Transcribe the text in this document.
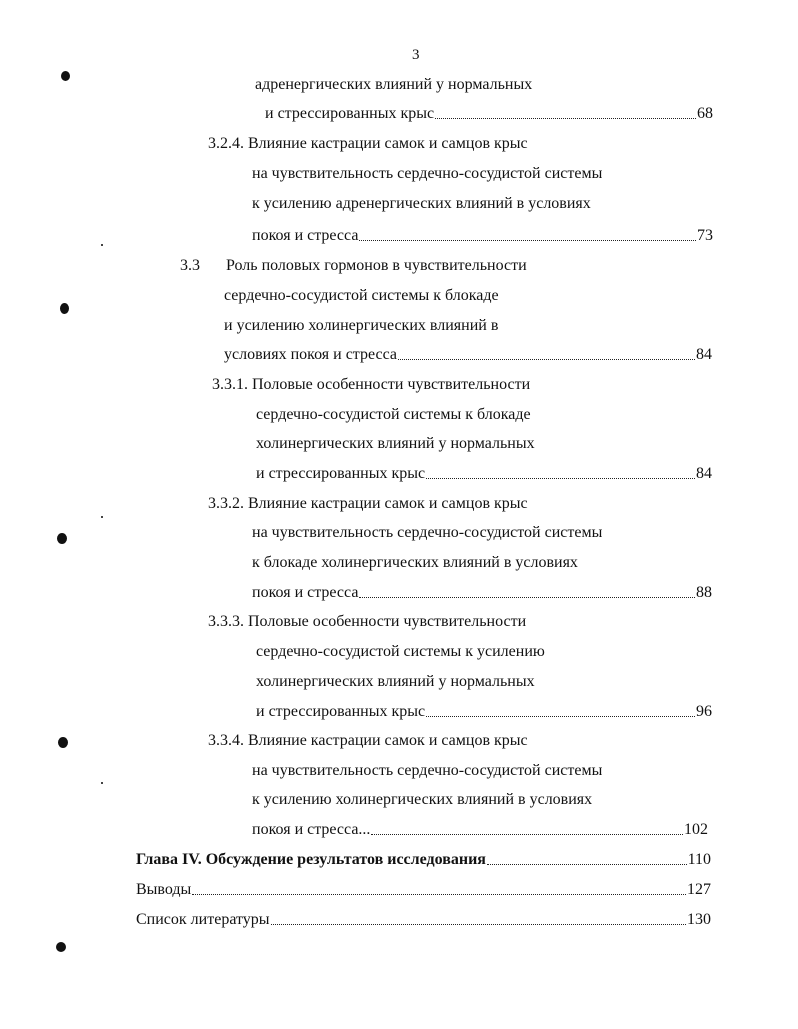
3
адренергических влияний у нормальных
и стрессированных крыс	68
3.2.4. Влияние кастрации самок и самцов крыс
на чувствительность сердечно-сосудистой системы
к усилению адренергических влияний в условиях
покоя и стресса	73
3.3 Роль половых гормонов в чувствительности
сердечно-сосудистой системы к блокаде
и усилению холинергических влияний в
условиях покоя и стресса	84
3.3.1. Половые особенности чувствительности
сердечно-сосудистой системы к блокаде
холинергических влияний у нормальных
и стрессированных крыс	84
3.3.2. Влияние кастрации самок и самцов крыс
на чувствительность сердечно-сосудистой системы
к блокаде холинергических влияний в условиях
покоя и стресса	88
3.3.3. Половые особенности чувствительности
сердечно-сосудистой системы к усилению
холинергических влияний у нормальных
и стрессированных крыс	96
3.3.4. Влияние кастрации самок и самцов крыс
на чувствительность сердечно-сосудистой системы
к усилению холинергических влияний в условиях
покоя и стресса...	102
Глава IV. Обсуждение результатов исследования	110
Выводы	127
Список литературы	130
